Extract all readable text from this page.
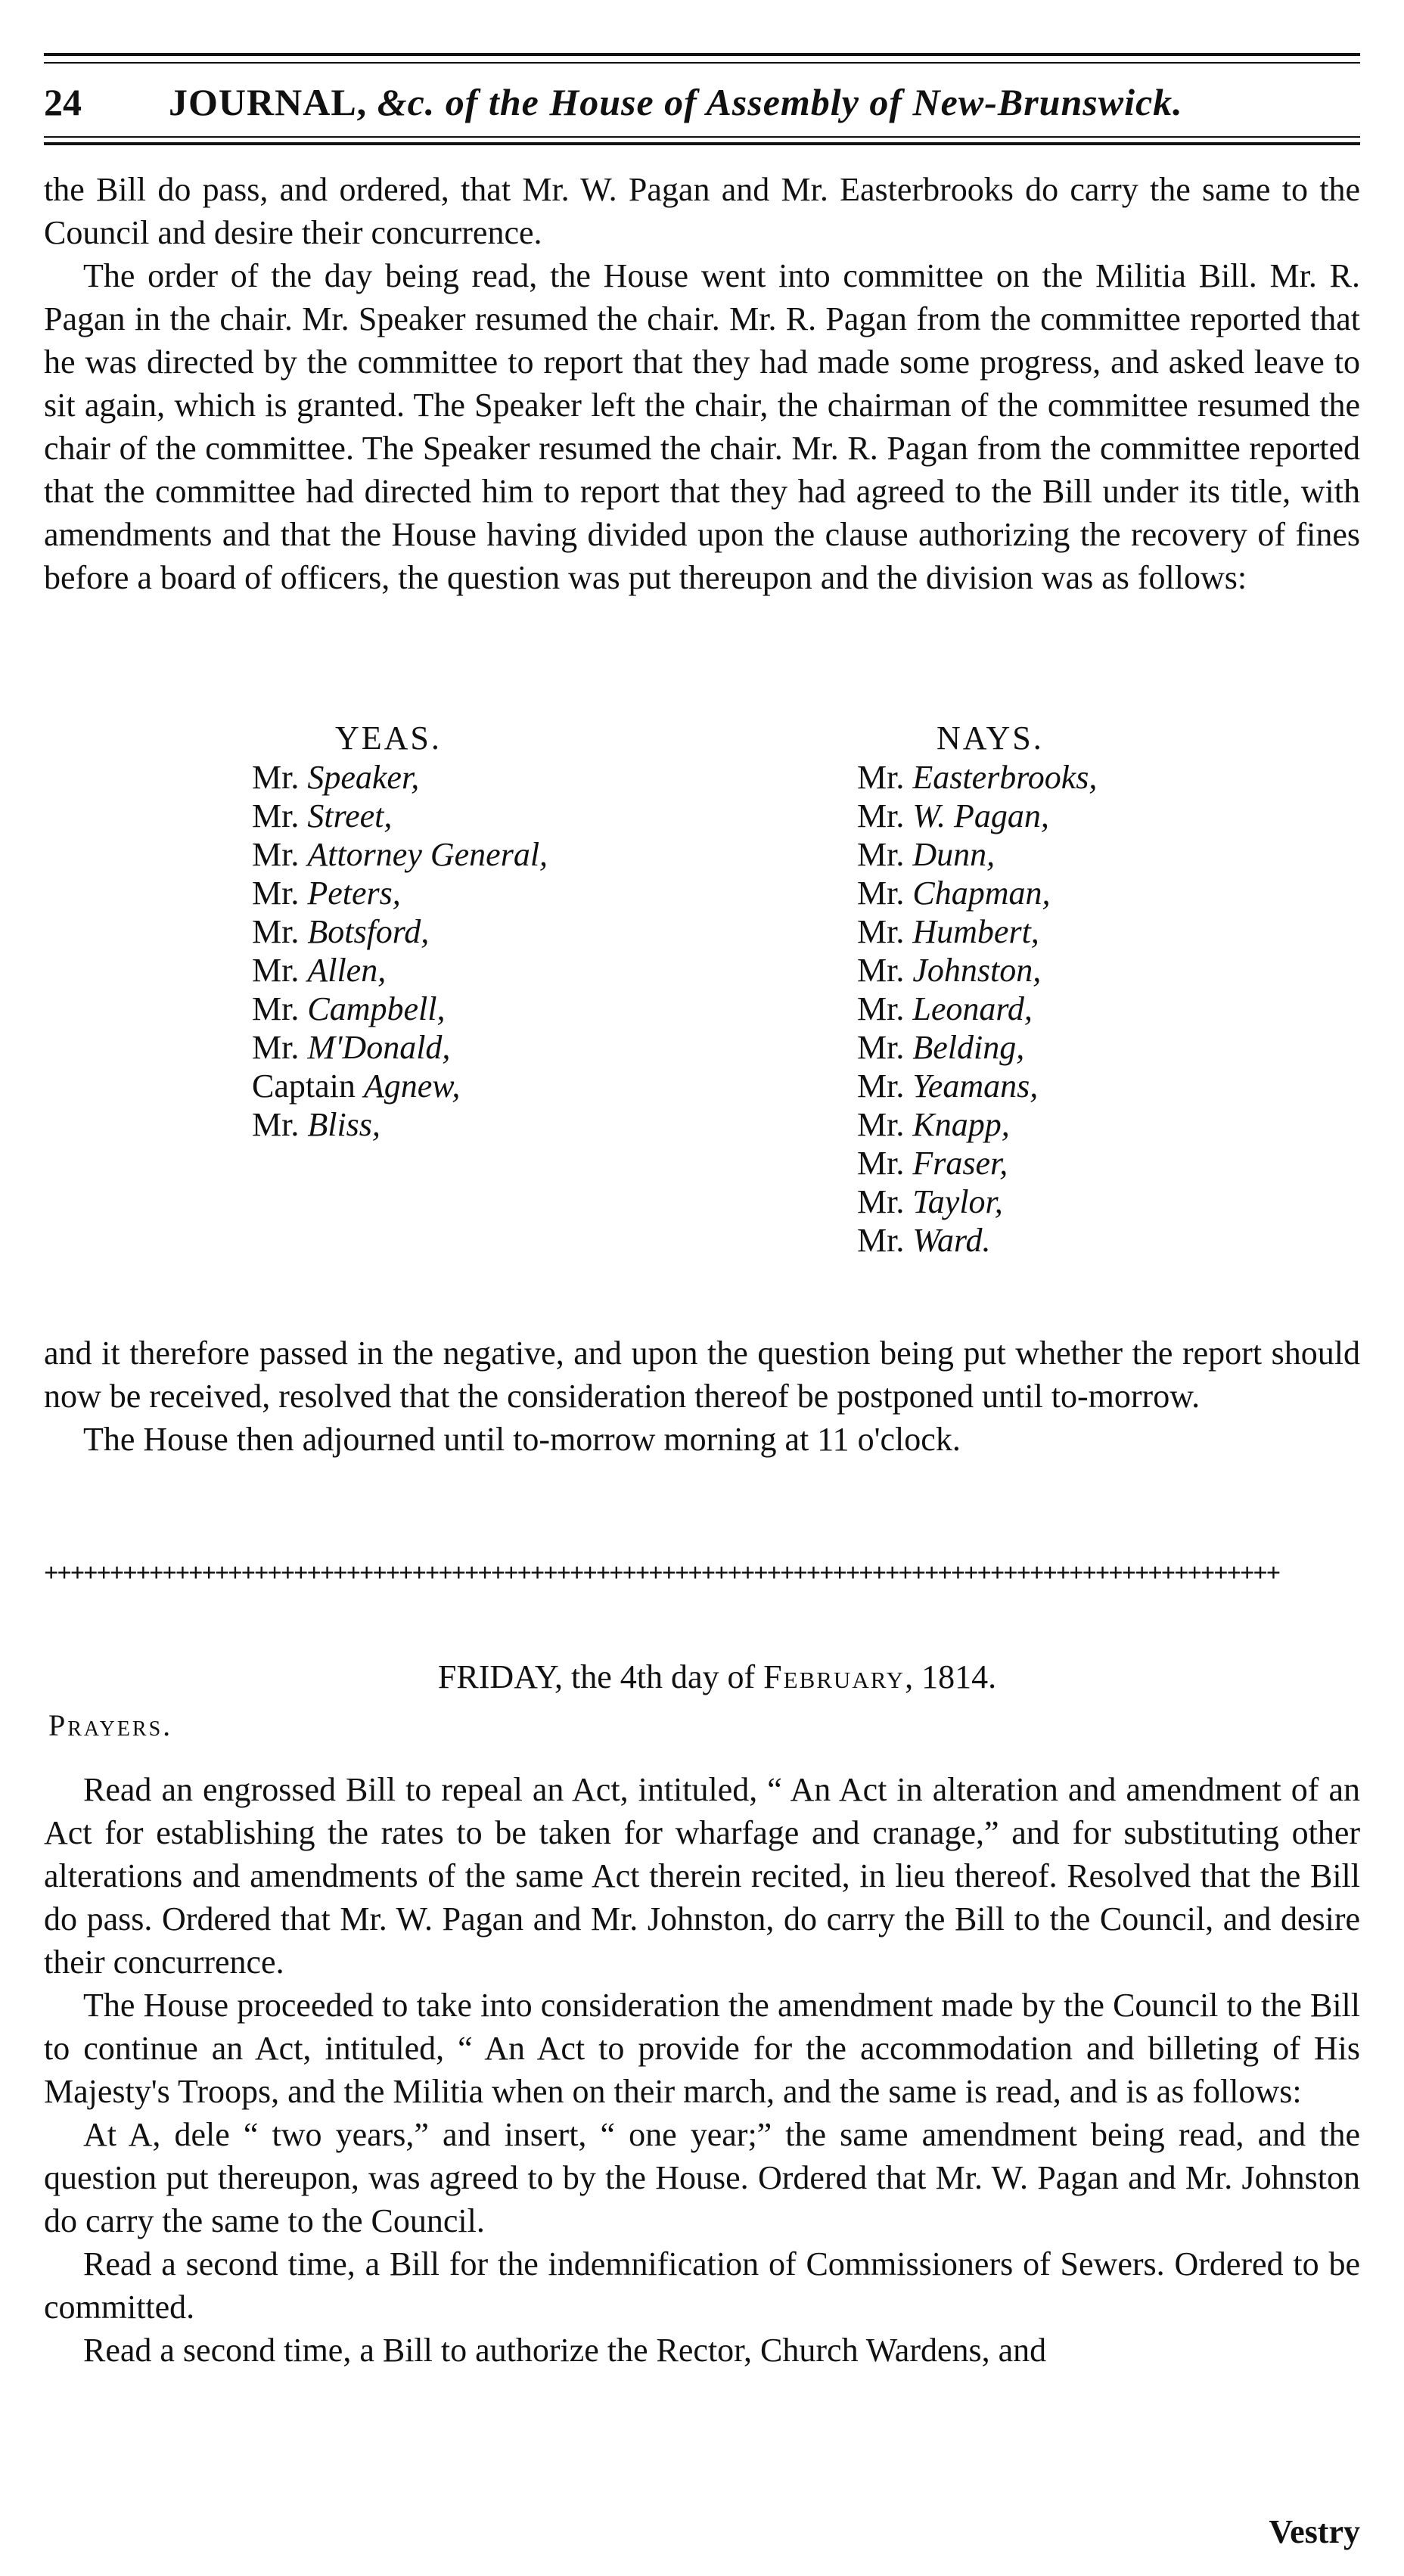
24 JOURNAL, &c. of the House of Assembly of New-Brunswick.

the Bill do pass, and ordered, that Mr. W. Pagan and Mr. Easterbrooks do carry the same to the Council and desire their concurrence.

The order of the day being read, the House went into committee on the Militia Bill. Mr. R. Pagan in the chair. Mr. Speaker resumed the chair. Mr. R. Pagan from the committee reported that he was directed by the committee to report that they had made some progress, and asked leave to sit again, which is granted. The Speaker left the chair, the chairman of the committee resumed the chair of the committee. The Speaker resumed the chair. Mr. R. Pagan from the committee reported that the committee had directed him to report that they had agreed to the Bill under its title, with amendments and that the House having divided upon the clause authorizing the recovery of fines before a board of officers, the question was put thereupon and the division was as follows:

YEAS.
Mr. Speaker,
Mr. Street,
Mr. Attorney General,
Mr. Peters,
Mr. Botsford,
Mr. Allen,
Mr. Campbell,
Mr. M'Donald,
Captain Agnew,
Mr. Bliss,
NAYS.
Mr. Easterbrooks,
Mr. W. Pagan,
Mr. Dunn,
Mr. Chapman,
Mr. Humbert,
Mr. Johnston,
Mr. Leonard,
Mr. Belding,
Mr. Yeamans,
Mr. Knapp,
Mr. Fraser,
Mr. Taylor,
Mr. Ward.

and it therefore passed in the negative, and upon the question being put whether the report should now be received, resolved that the consideration thereof be postponed until to-morrow.

The House then adjourned until to-morrow morning at 11 o'clock.

++++++++++++++++++++++++++++++++++++++++++++++++++++++++++++++++++++++++++++++++++++++++++++++
FRIDAY, the 4th day of February, 1814.
Prayers.

Read an engrossed Bill to repeal an Act, intituled, “ An Act in alteration and amendment of an Act for establishing the rates to be taken for wharfage and cranage,” and for substituting other alterations and amendments of the same Act therein recited, in lieu thereof. Resolved that the Bill do pass. Ordered that Mr. W. Pagan and Mr. Johnston, do carry the Bill to the Council, and desire their concurrence.

The House proceeded to take into consideration the amendment made by the Council to the Bill to continue an Act, intituled, “ An Act to provide for the accommodation and billeting of His Majesty's Troops, and the Militia when on their march, and the same is read, and is as follows:

At A, dele “ two years,” and insert, “ one year;” the same amendment being read, and the question put thereupon, was agreed to by the House. Ordered that Mr. W. Pagan and Mr. Johnston do carry the same to the Council.

Read a second time, a Bill for the indemnification of Commissioners of Sewers. Ordered to be committed.

Read a second time, a Bill to authorize the Rector, Church Wardens, and

Vestry
